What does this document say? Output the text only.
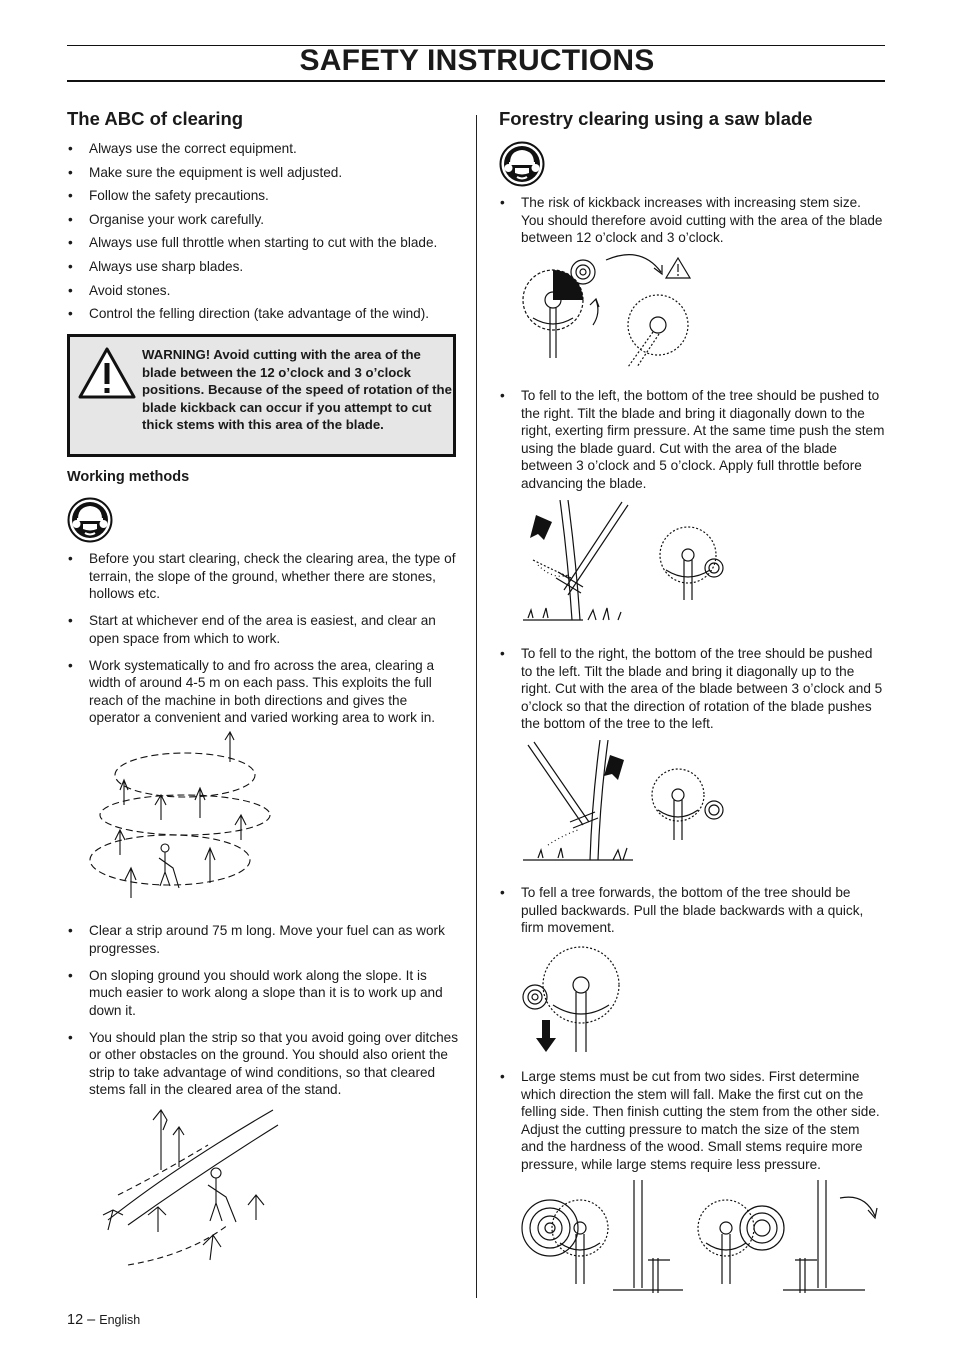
SAFETY INSTRUCTIONS
The ABC of clearing
• Always use the correct equipment.
• Make sure the equipment is well adjusted.
• Follow the safety precautions.
• Organise your work carefully.
• Always use full throttle when starting to cut with the blade.
• Always use sharp blades.
• Avoid stones.
• Control the felling direction (take advantage of the wind).
WARNING! Avoid cutting with the area of the blade between the 12 o’clock and 3 o’clock positions. Because of the speed of rotation of the blade kickback can occur if you attempt to cut thick stems with this area of the blade.
Working methods
• Before you start clearing, check the clearing area, the type of terrain, the slope of the ground, whether there are stones, hollows etc.
• Start at whichever end of the area is easiest, and clear an open space from which to work.
• Work systematically to and fro across the area, clearing a width of around 4-5 m on each pass. This exploits the full reach of the machine in both directions and gives the operator a convenient and varied working area to work in.
• Clear a strip around 75 m long. Move your fuel can as work progresses.
• On sloping ground you should work along the slope. It is much easier to work along a slope than it is to work up and down it.
• You should plan the strip so that you avoid going over ditches or other obstacles on the ground. You should also orient the strip to take advantage of wind conditions, so that cleared stems fall in the cleared area of the stand.
Forestry clearing using a saw blade
• The risk of kickback increases with increasing stem size. You should therefore avoid cutting with the area of the blade between 12 o’clock and 3 o’clock.
• To fell to the left, the bottom of the tree should be pushed to the right. Tilt the blade and bring it diagonally down to the right, exerting firm pressure. At the same time push the stem using the blade guard. Cut with the area of the blade between 3 o’clock and 5 o’clock. Apply full throttle before advancing the blade.
• To fell to the right, the bottom of the tree should be pushed to the left. Tilt the blade and bring it diagonally up to the right. Cut with the area of the blade between 3 o’clock and 5 o’clock so that the direction of rotation of the blade pushes the bottom of the tree to the left.
• To fell a tree forwards, the bottom of the tree should be pulled backwards. Pull the blade backwards with a quick, firm movement.
• Large stems must be cut from two sides. First determine which direction the stem will fall. Make the first cut on the felling side. Then finish cutting the stem from the other side. Adjust the cutting pressure to match the size of the stem and the hardness of the wood. Small stems require more pressure, while large stems require less pressure.
12 – English
